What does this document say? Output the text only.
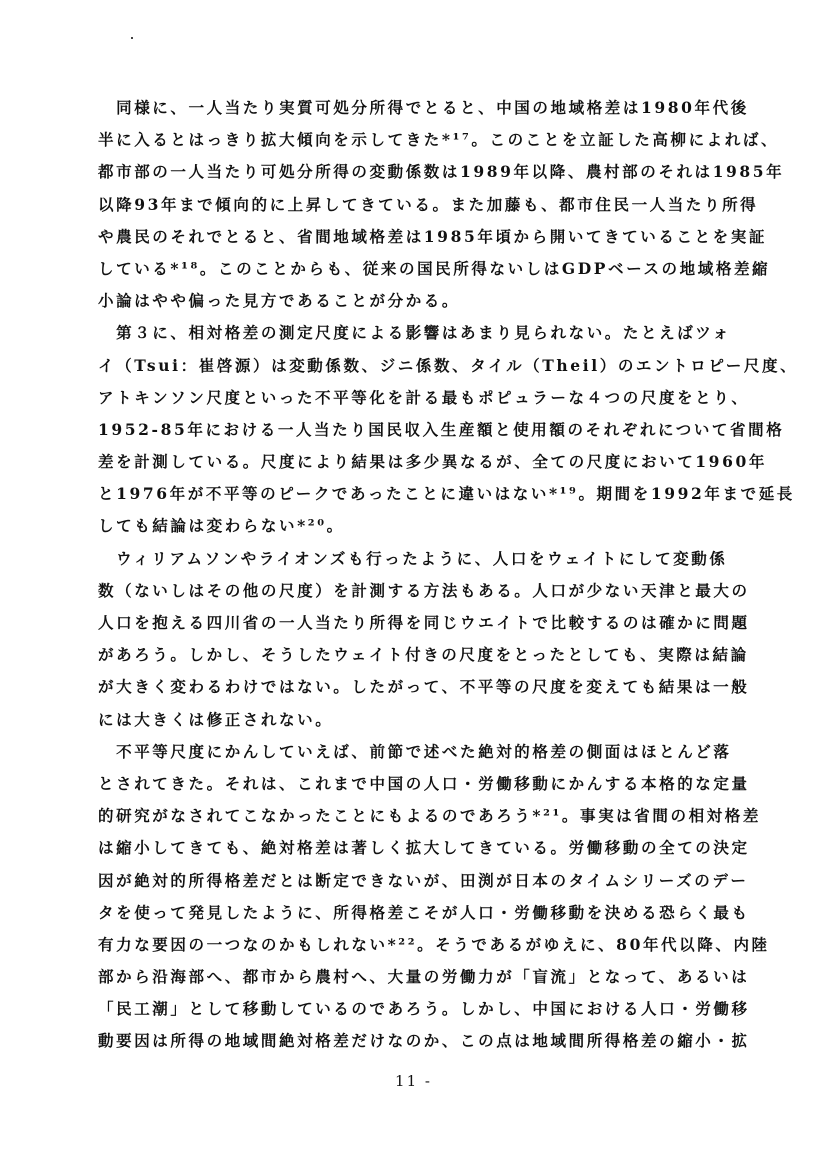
　同様に、一人当たり実質可処分所得でとると、中国の地域格差は1980年代後
半に入るとはっきり拡大傾向を示してきた*¹⁷。このことを立証した高柳によれば、
都市部の一人当たり可処分所得の変動係数は1989年以降、農村部のそれは1985年
以降93年まで傾向的に上昇してきている。また加藤も、都市住民一人当たり所得
や農民のそれでとると、省間地域格差は1985年頃から開いてきていることを実証
している*¹⁸。このことからも、従来の国民所得ないしはGDPベースの地域格差縮
小論はやや偏った見方であることが分かる。
　第３に、相対格差の測定尺度による影響はあまり見られない。たとえばツォ
イ（Tsui：崔啓源）は変動係数、ジニ係数、タイル（Theil）のエントロピー尺度、
アトキンソン尺度といった不平等化を計る最もポピュラーな４つの尺度をとり、
1952-85年における一人当たり国民収入生産額と使用額のそれぞれについて省間格
差を計測している。尺度により結果は多少異なるが、全ての尺度において1960年
と1976年が不平等のピークであったことに違いはない*¹⁹。期間を1992年まで延長
しても結論は変わらない*²⁰。
　ウィリアムソンやライオンズも行ったように、人口をウェイトにして変動係
数（ないしはその他の尺度）を計測する方法もある。人口が少ない天津と最大の
人口を抱える四川省の一人当たり所得を同じウエイトで比較するのは確かに問題
があろう。しかし、そうしたウェイト付きの尺度をとったとしても、実際は結論
が大きく変わるわけではない。したがって、不平等の尺度を変えても結果は一般
には大きくは修正されない。
　不平等尺度にかんしていえば、前節で述べた絶対的格差の側面はほとんど落
とされてきた。それは、これまで中国の人口・労働移動にかんする本格的な定量
的研究がなされてこなかったことにもよるのであろう*²¹。事実は省間の相対格差
は縮小してきても、絶対格差は著しく拡大してきている。労働移動の全ての決定
因が絶対的所得格差だとは断定できないが、田渕が日本のタイムシリーズのデー
タを使って発見したように、所得格差こそが人口・労働移動を決める恐らく最も
有力な要因の一つなのかもしれない*²²。そうであるがゆえに、80年代以降、内陸
部から沿海部へ、都市から農村へ、大量の労働力が「盲流」となって、あるいは
「民工潮」として移動しているのであろう。しかし、中国における人口・労働移
動要因は所得の地域間絶対格差だけなのか、この点は地域間所得格差の縮小・拡
11 -
